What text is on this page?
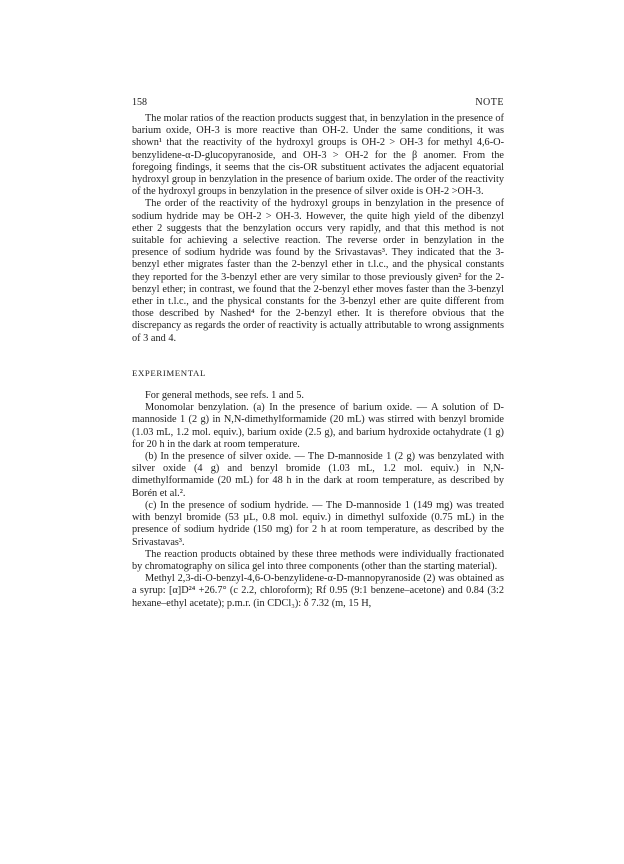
158	NOTE

The molar ratios of the reaction products suggest that, in benzylation in the presence of barium oxide, OH-3 is more reactive than OH-2. Under the same conditions, it was shown¹ that the reactivity of the hydroxyl groups is OH-2 > OH-3 for methyl 4,6-O-benzylidene-α-D-glucopyranoside, and OH-3 > OH-2 for the β anomer. From the foregoing findings, it seems that the cis-OR substituent activates the adjacent equatorial hydroxyl group in benzylation in the presence of barium oxide. The order of the reactivity of the hydroxyl groups in benzylation in the presence of silver oxide is OH-2 >OH-3.

The order of the reactivity of the hydroxyl groups in benzylation in the presence of sodium hydride may be OH-2 > OH-3. However, the quite high yield of the dibenzyl ether 2 suggests that the benzylation occurs very rapidly, and that this method is not suitable for achieving a selective reaction. The reverse order in benzylation in the presence of sodium hydride was found by the Srivastavas³. They indicated that the 3-benzyl ether migrates faster than the 2-benzyl ether in t.l.c., and the physical constants they reported for the 3-benzyl ether are very similar to those previously given² for the 2-benzyl ether; in contrast, we found that the 2-benzyl ether moves faster than the 3-benzyl ether in t.l.c., and the physical constants for the 3-benzyl ether are quite different from those described by Nashed⁴ for the 2-benzyl ether. It is therefore obvious that the discrepancy as regards the order of reactivity is actually attributable to wrong assignments of 3 and 4.

EXPERIMENTAL

For general methods, see refs. 1 and 5.

Monomolar benzylation. (a) In the presence of barium oxide. — A solution of D-mannoside 1 (2 g) in N,N-dimethylformamide (20 mL) was stirred with benzyl bromide (1.03 mL, 1.2 mol. equiv.), barium oxide (2.5 g), and barium hydroxide octahydrate (1 g) for 20 h in the dark at room temperature.

(b) In the presence of silver oxide. — The D-mannoside 1 (2 g) was benzylated with silver oxide (4 g) and benzyl bromide (1.03 mL, 1.2 mol. equiv.) in N,N-dimethylformamide (20 mL) for 48 h in the dark at room temperature, as described by Borén et al.².

(c) In the presence of sodium hydride. — The D-mannoside 1 (149 mg) was treated with benzyl bromide (53 µL, 0.8 mol. equiv.) in dimethyl sulfoxide (0.75 mL) in the presence of sodium hydride (150 mg) for 2 h at room temperature, as described by the Srivastavas³.

The reaction products obtained by these three methods were individually fractionated by chromatography on silica gel into three components (other than the starting material).

Methyl 2,3-di-O-benzyl-4,6-O-benzylidene-α-D-mannopyranoside (2) was obtained as a syrup: [α]D²⁴ +26.7° (c 2.2, chloroform); Rf 0.95 (9:1 benzene–acetone) and 0.84 (3:2 hexane–ethyl acetate); p.m.r. (in CDCl₃): δ 7.32 (m, 15 H,
